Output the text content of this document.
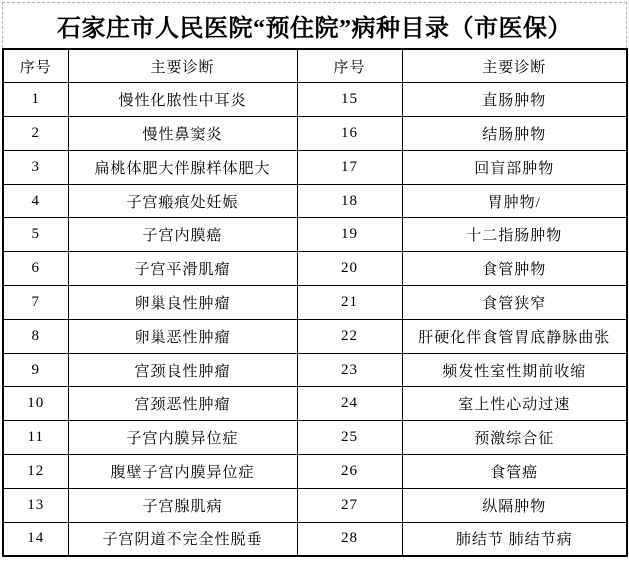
石家庄市人民医院“预住院”病种目录（市医保）
序号	主要诊断	序号	主要诊断
1	慢性化脓性中耳炎	15	直肠肿物
2	慢性鼻窦炎	16	结肠肿物
3	扁桃体肥大伴腺样体肥大	17	回盲部肿物
4	子宫瘢痕处妊娠	18	胃肿物/
5	子宫内膜癌	19	十二指肠肿物
6	子宫平滑肌瘤	20	食管肿物
7	卵巢良性肿瘤	21	食管狭窄
8	卵巢恶性肿瘤	22	肝硬化伴食管胃底静脉曲张
9	宫颈良性肿瘤	23	频发性室性期前收缩
10	宫颈恶性肿瘤	24	室上性心动过速
11	子宫内膜异位症	25	预激综合征
12	腹壁子宫内膜异位症	26	食管癌
13	子宫腺肌病	27	纵隔肿物
14	子宫阴道不完全性脱垂	28	肺结节 肺结节病
